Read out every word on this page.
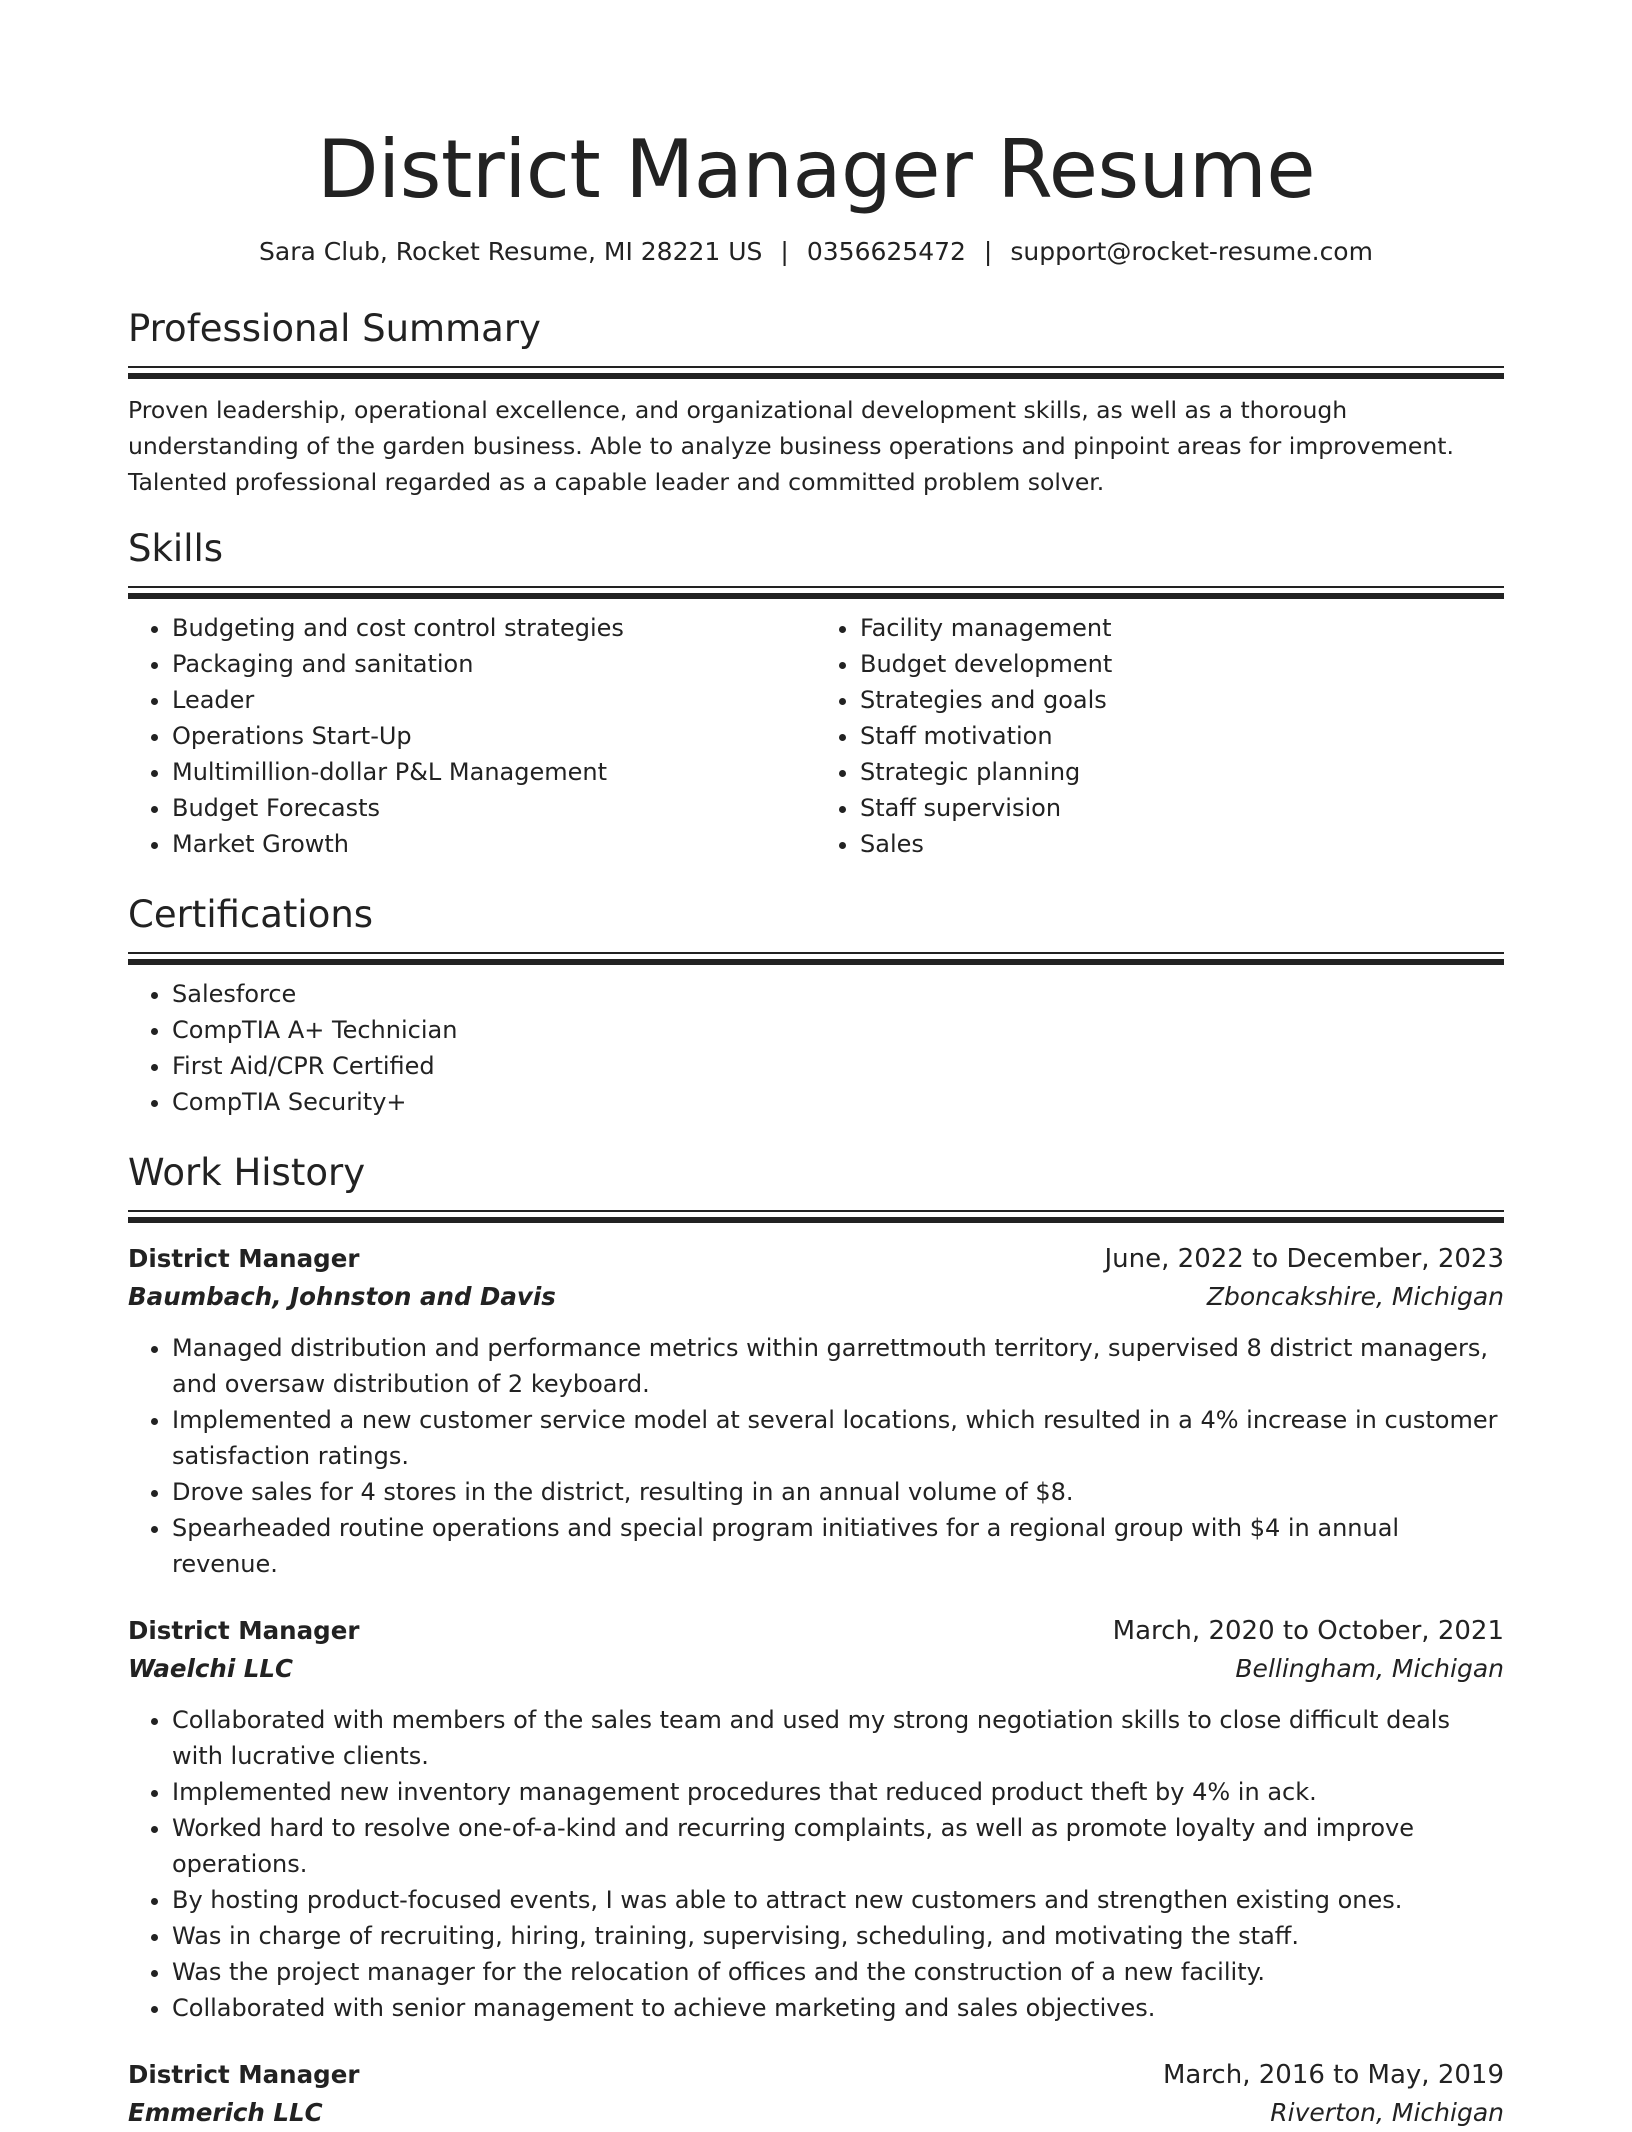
District Manager Resume
Sara Club, Rocket Resume, MI 28221 US | 0356625472 | support@rocket-resume.com
Professional Summary

Proven leadership, operational excellence, and organizational development skills, as well as a thorough understanding of the garden business. Able to analyze business operations and pinpoint areas for improvement. Talented professional regarded as a capable leader and committed problem solver.

Skills
• Budgeting and cost control strategies
• Packaging and sanitation
• Leader
• Operations Start-Up
• Multimillion-dollar P&L Management
• Budget Forecasts
• Market Growth
• Facility management
• Budget development
• Strategies and goals
• Staff motivation
• Strategic planning
• Staff supervision
• Sales
Certifications
• Salesforce
• CompTIA A+ Technician
• First Aid/CPR Certified
• CompTIA Security+
Work History
District Manager	June, 2022 to December, 2023
Baumbach, Johnston and Davis	Zboncakshire, Michigan
• Managed distribution and performance metrics within garrettmouth territory, supervised 8 district managers, and oversaw distribution of 2 keyboard.
• Implemented a new customer service model at several locations, which resulted in a 4% increase in customer satisfaction ratings.
• Drove sales for 4 stores in the district, resulting in an annual volume of $8.
• Spearheaded routine operations and special program initiatives for a regional group with $4 in annual revenue.
District Manager	March, 2020 to October, 2021
Waelchi LLC	Bellingham, Michigan
• Collaborated with members of the sales team and used my strong negotiation skills to close difficult deals with lucrative clients.
• Implemented new inventory management procedures that reduced product theft by 4% in ack.
• Worked hard to resolve one-of-a-kind and recurring complaints, as well as promote loyalty and improve operations.
• By hosting product-focused events, I was able to attract new customers and strengthen existing ones.
• Was in charge of recruiting, hiring, training, supervising, scheduling, and motivating the staff.
• Was the project manager for the relocation of offices and the construction of a new facility.
• Collaborated with senior management to achieve marketing and sales objectives.
District Manager	March, 2016 to May, 2019
Emmerich LLC	Riverton, Michigan
